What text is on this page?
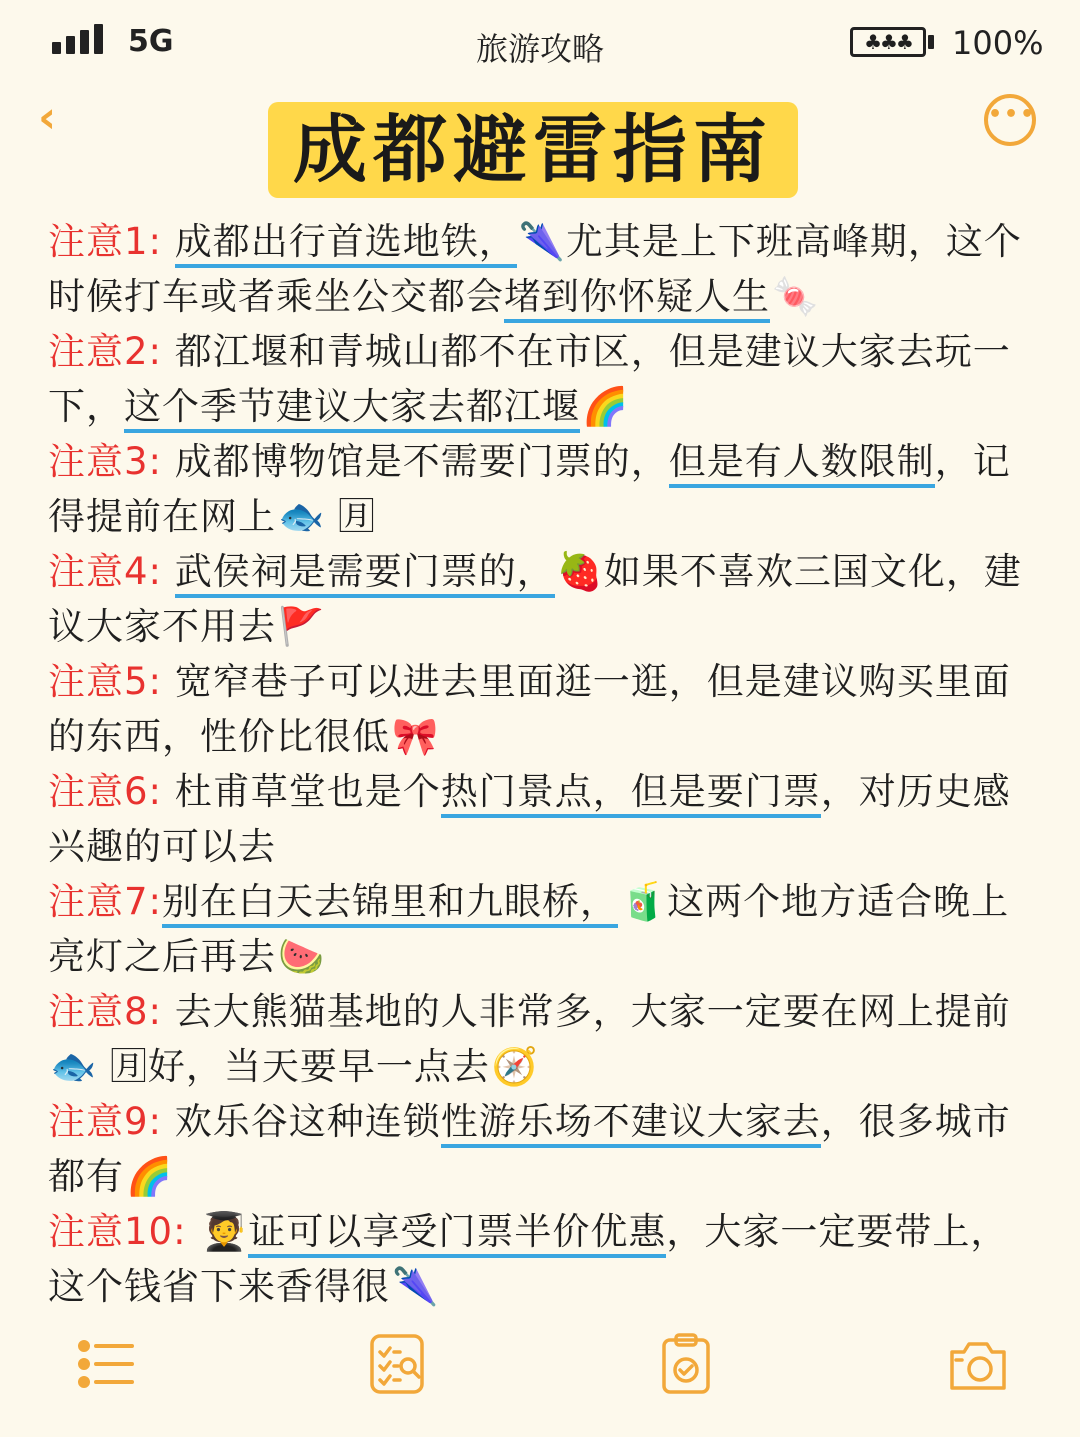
5G	旅游攻略	♣♣♣	100%
‹	•••
成都避雷指南
注意1: 成都出行首选地铁，🌂尤其是上下班高峰期，这个时候打车或者乘坐公交都会堵到你怀疑人生🍬
注意2: 都江堰和青城山都不在市区，但是建议大家去玩一下，这个季节建议大家去都江堰🌈
注意3: 成都博物馆是不需要门票的，但是有人数限制，记得提前在网上🐟 🈷
注意4: 武侯祠是需要门票的，🍓如果不喜欢三国文化，建议大家不用去🚩
注意5: 宽窄巷子可以进去里面逛一逛，但是建议购买里面的东西，性价比很低🎀
注意6: 杜甫草堂也是个热门景点，但是要门票，对历史感兴趣的可以去
注意7:别在白天去锦里和九眼桥，🧃这两个地方适合晚上亮灯之后再去🍉
注意8: 去大熊猫基地的人非常多，大家一定要在网上提前🐟 🈷好，当天要早一点去🧭
注意9: 欢乐谷这种连锁性游乐场不建议大家去，很多城市都有🌈
注意10: 🧑‍🎓证可以享受门票半价优惠，大家一定要带上，这个钱省下来香得很🌂
